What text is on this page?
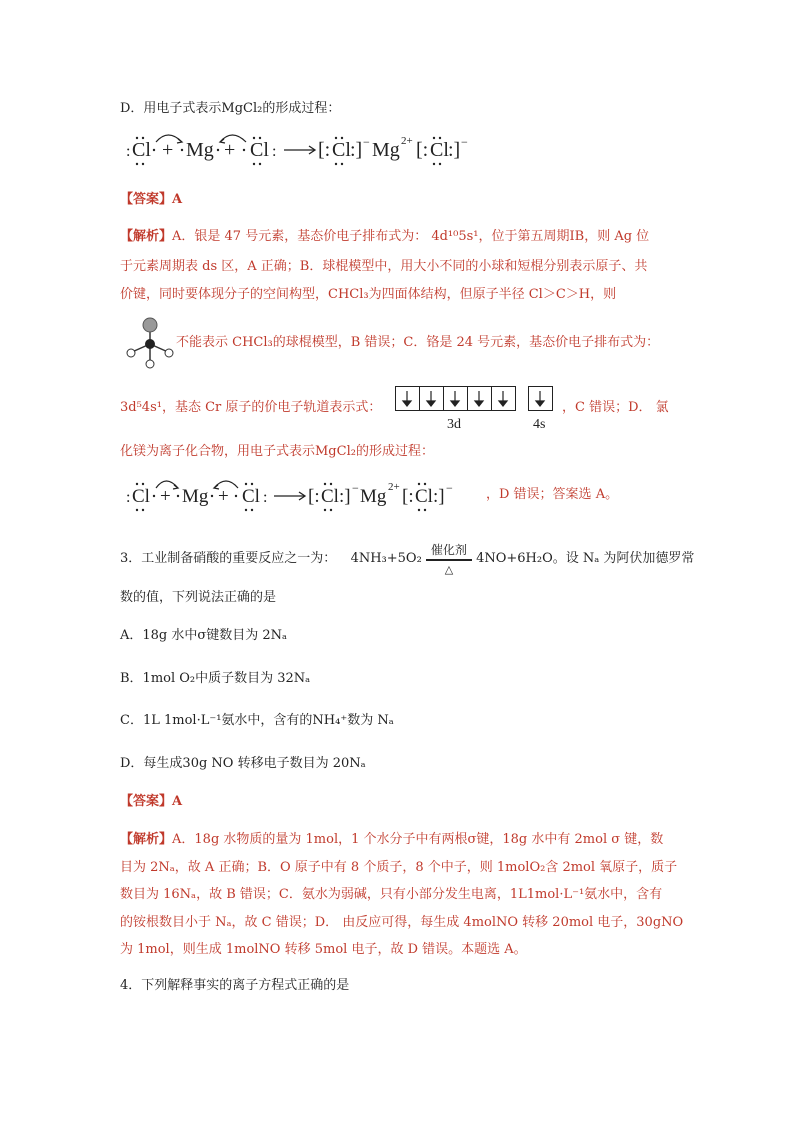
D．用电子式表示MgCl₂的形成过程：
: Cl + Mg + Cl : [: Cl :] − Mg 2+ [: Cl :] −
【答案】A
【解析】A．银是 47 号元素，基态价电子排布式为： 4d¹⁰5s¹，位于第五周期ⅠB，则 Ag 位
于元素周期表 ds 区，A 正确；B．球棍模型中，用大小不同的小球和短棍分别表示原子、共
价键，同时要体现分子的空间构型，CHCl₃为四面体结构，但原子半径 Cl＞C＞H，则
不能表示 CHCl₃的球棍模型，B 错误；C．铬是 24 号元素，基态价电子排布式为：
3d⁵4s¹，基态 Cr 原子的价电子轨道表示式：
3d	4s
，C 错误；D． 氯
化镁为离子化合物，用电子式表示MgCl₂的形成过程：
: Cl + Mg + Cl : [: Cl :] − Mg 2+ [: Cl :] −	，D 错误；答案选 A。
3．工业制备硝酸的重要反应之一为： 4NH₃+5O₂
催化剂
△
4NO+6H₂O。设 Nₐ 为阿伏加德罗常
数的值，下列说法正确的是
A．18g 水中σ键数目为 2Nₐ
B．1mol O₂中质子数目为 32Nₐ
C．1L 1mol·L⁻¹氨水中，含有的NH₄⁺数为 Nₐ
D．每生成30g NO 转移电子数目为 20Nₐ
【答案】A
【解析】A．18g 水物质的量为 1mol，1 个水分子中有两根σ键，18g 水中有 2mol σ 键，数
目为 2Nₐ，故 A 正确；B．O 原子中有 8 个质子，8 个中子，则 1molO₂含 2mol 氧原子，质子
数目为 16Nₐ，故 B 错误；C．氨水为弱碱，只有小部分发生电离，1L1mol·L⁻¹氨水中，含有
的铵根数目小于 Nₐ，故 C 错误；D． 由反应可得，每生成 4molNO 转移 20mol 电子，30gNO
为 1mol，则生成 1molNO 转移 5mol 电子，故 D 错误。本题选 A。
4．下列解释事实的离子方程式正确的是
